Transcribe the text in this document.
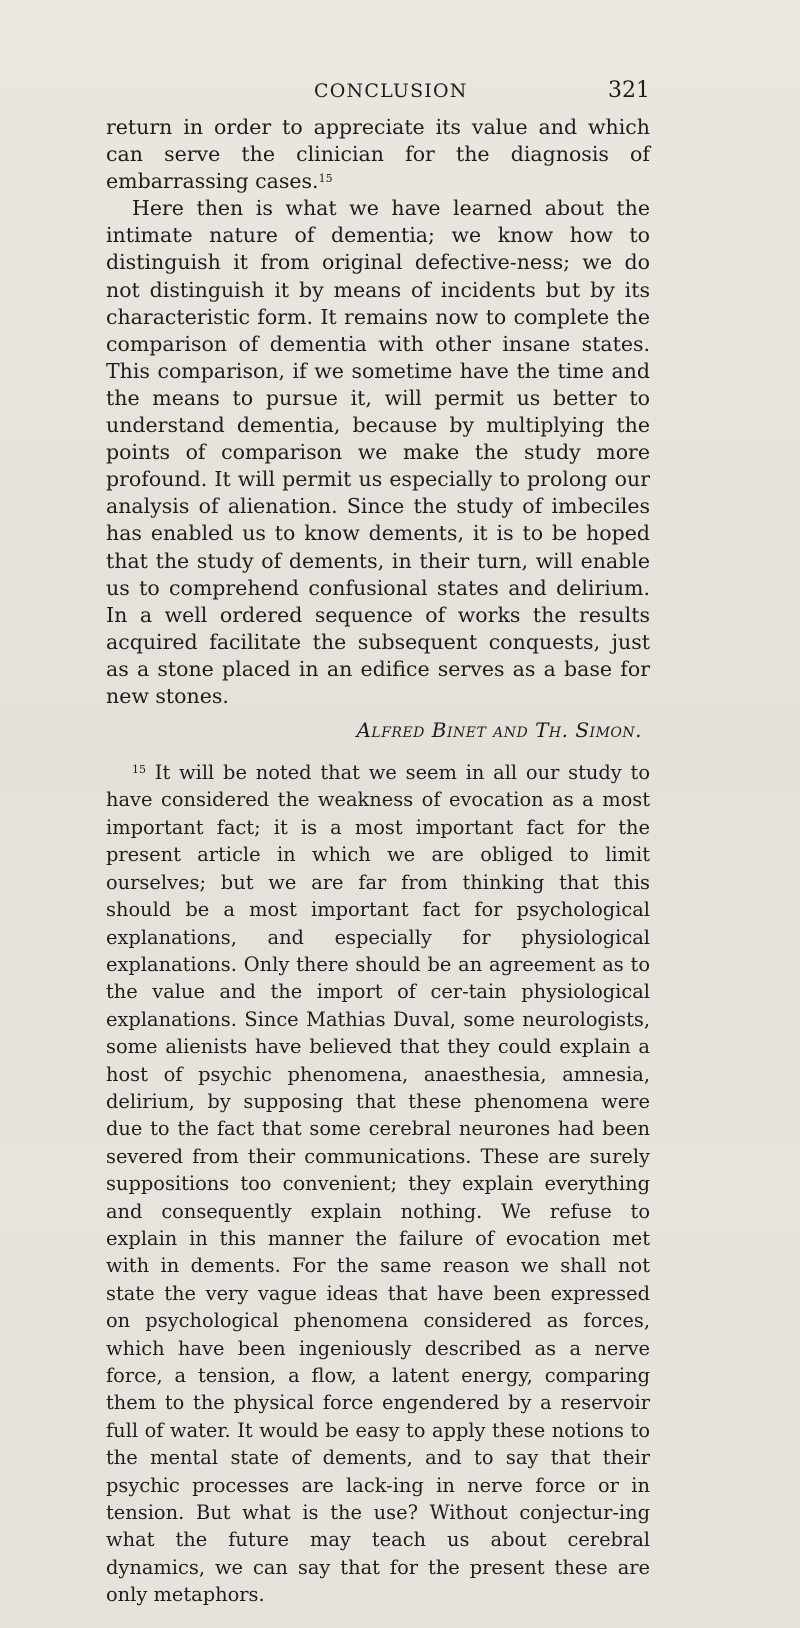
CONCLUSION	321

return in order to appreciate its value and which can serve the clinician for the diagnosis of embarrassing cases.$^{15}$

Here then is what we have learned about the intimate nature of dementia; we know how to distinguish it from original defective-ness; we do not distinguish it by means of incidents but by its characteristic form. It remains now to complete the comparison of dementia with other insane states. This comparison, if we sometime have the time and the means to pursue it, will permit us better to understand dementia, because by multiplying the points of comparison we make the study more profound. It will permit us especially to prolong our analysis of alienation. Since the study of imbeciles has enabled us to know dements, it is to be hoped that the study of dements, in their turn, will enable us to comprehend confusional states and delirium. In a well ordered sequence of works the results acquired facilitate the subsequent conquests, just as a stone placed in an edifice serves as a base for new stones.

Alfred Binet and Th. Simon.

$^{15}$ It will be noted that we seem in all our study to have considered the weakness of evocation as a most important fact; it is a most important fact for the present article in which we are obliged to limit ourselves; but we are far from thinking that this should be a most important fact for psychological explanations, and especially for physiological explanations. Only there should be an agreement as to the value and the import of cer-tain physiological explanations. Since Mathias Duval, some neurologists, some alienists have believed that they could explain a host of psychic phenomena, anaesthesia, amnesia, delirium, by supposing that these phenomena were due to the fact that some cerebral neurones had been severed from their communications. These are surely suppositions too convenient; they explain everything and consequently explain nothing. We refuse to explain in this manner the failure of evocation met with in dements. For the same reason we shall not state the very vague ideas that have been expressed on psychological phenomena considered as forces, which have been ingeniously described as a nerve force, a tension, a flow, a latent energy, comparing them to the physical force engendered by a reservoir full of water. It would be easy to apply these notions to the mental state of dements, and to say that their psychic processes are lack-ing in nerve force or in tension. But what is the use? Without conjectur-ing what the future may teach us about cerebral dynamics, we can say that for the present these are only metaphors.
